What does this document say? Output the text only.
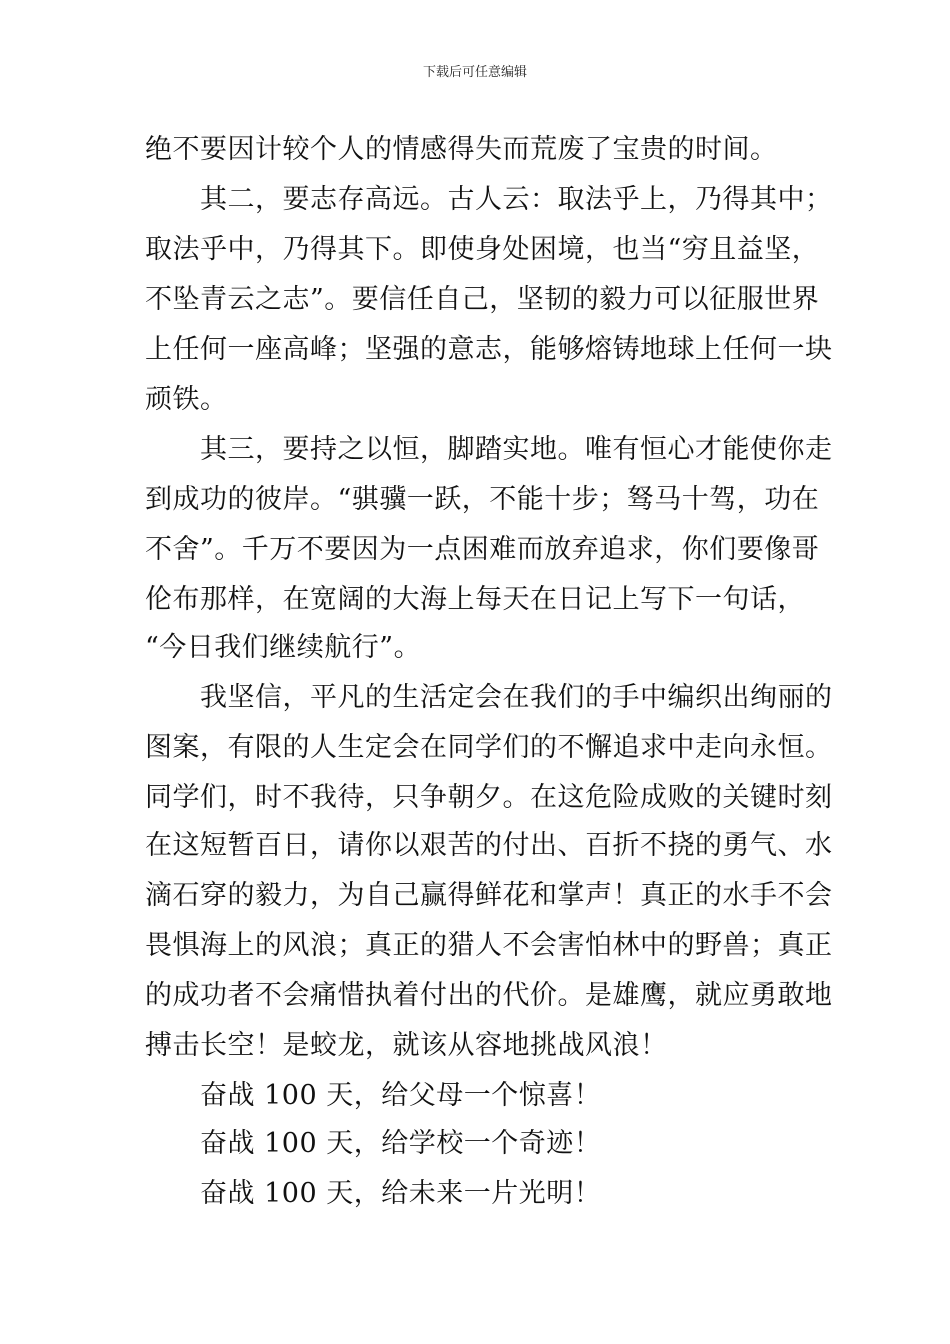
下载后可任意编辑

绝不要因计较个人的情感得失而荒废了宝贵的时间。

　　其二，要志存高远。古人云：取法乎上，乃得其中；

取法乎中，乃得其下。即使身处困境，也当“穷且益坚，

不坠青云之志”。要信任自己，坚韧的毅力可以征服世界

上任何一座高峰；坚强的意志，能够熔铸地球上任何一块

顽铁。

　　其三，要持之以恒，脚踏实地。唯有恒心才能使你走

到成功的彼岸。“骐骥一跃，不能十步；驽马十驾，功在

不舍”。千万不要因为一点困难而放弃追求，你们要像哥

伦布那样，在宽阔的大海上每天在日记上写下一句话，

“今日我们继续航行”。

　　我坚信，平凡的生活定会在我们的手中编织出绚丽的

图案，有限的人生定会在同学们的不懈追求中走向永恒。

同学们，时不我待，只争朝夕。在这危险成败的关键时刻

在这短暂百日，请你以艰苦的付出、百折不挠的勇气、水

滴石穿的毅力，为自己赢得鲜花和掌声！真正的水手不会

畏惧海上的风浪；真正的猎人不会害怕林中的野兽；真正

的成功者不会痛惜执着付出的代价。是雄鹰，就应勇敢地

搏击长空！是蛟龙，就该从容地挑战风浪！

　　奋战 100 天，给父母一个惊喜！

　　奋战 100 天，给学校一个奇迹！

　　奋战 100 天，给未来一片光明！
